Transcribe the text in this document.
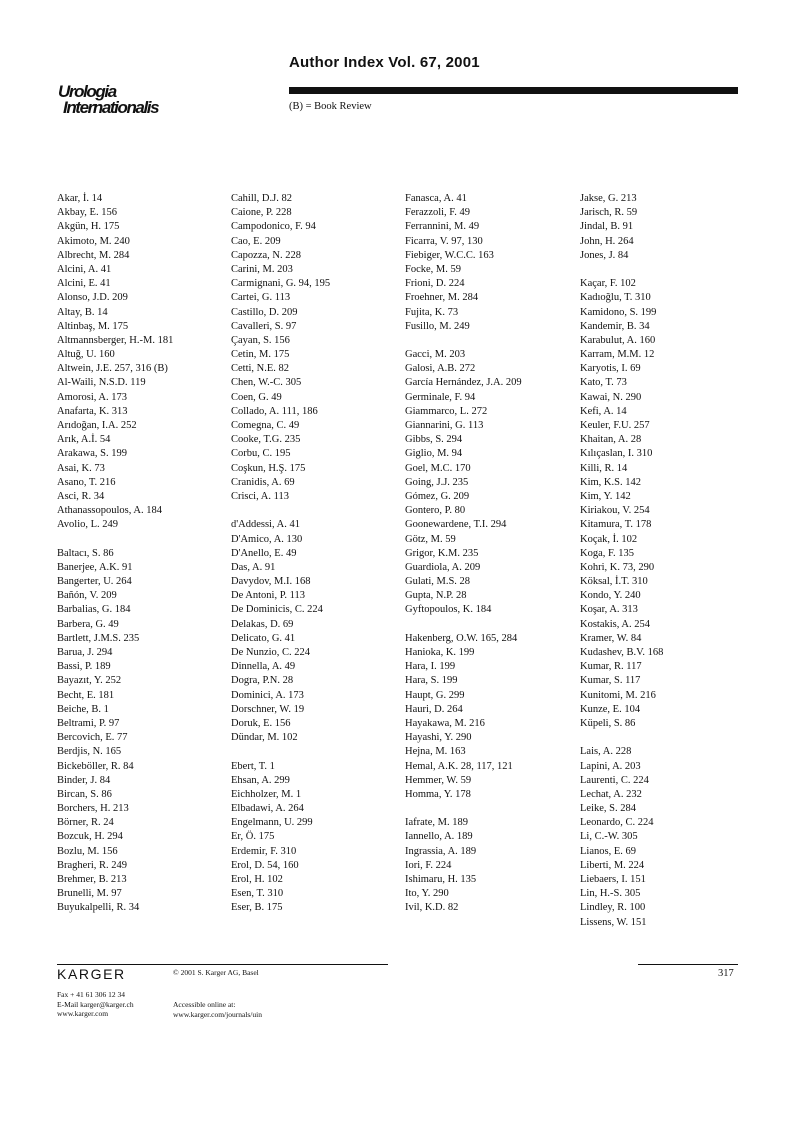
Urologia
Internationalis
Author Index Vol. 67, 2001
(B) = Book Review
Akar, İ. 14
Akbay, E. 156
Akgün, H. 175
Akimoto, M. 240
Albrecht, M. 284
Alcini, A. 41
Alcini, E. 41
Alonso, J.D. 209
Altay, B. 14
Altinbaş, M. 175
Altmannsberger, H.-M. 181
Altuğ, U. 160
Altwein, J.E. 257, 316 (B)
Al-Waili, N.S.D. 119
Amorosi, A. 173
Anafarta, K. 313
Arıdoğan, I.A. 252
Arık, A.İ. 54
Arakawa, S. 199
Asai, K. 73
Asano, T. 216
Asci, R. 34
Athanassopoulos, A. 184
Avolio, L. 249
Baltacı, S. 86
Banerjee, A.K. 91
Bangerter, U. 264
Bañón, V. 209
Barbalias, G. 184
Barbera, G. 49
Bartlett, J.M.S. 235
Barua, J. 294
Bassi, P. 189
Bayazıt, Y. 252
Becht, E. 181
Beiche, B. 1
Beltrami, P. 97
Bercovich, E. 77
Berdjis, N. 165
Bickeböller, R. 84
Binder, J. 84
Bircan, S. 86
Borchers, H. 213
Börner, R. 24
Bozcuk, H. 294
Bozlu, M. 156
Bragheri, R. 249
Brehmer, B. 213
Brunelli, M. 97
Buyukalpelli, R. 34
Cahill, D.J. 82
Caione, P. 228
Campodonico, F. 94
Cao, E. 209
Capozza, N. 228
Carini, M. 203
Carmignani, G. 94, 195
Cartei, G. 113
Castillo, D. 209
Cavalleri, S. 97
Çayan, S. 156
Cetin, M. 175
Cetti, N.E. 82
Chen, W.-C. 305
Coen, G. 49
Collado, A. 111, 186
Comegna, C. 49
Cooke, T.G. 235
Corbu, C. 195
Coşkun, H.Ş. 175
Cranidis, A. 69
Crisci, A. 113
d'Addessi, A. 41
D'Amico, A. 130
D'Anello, E. 49
Das, A. 91
Davydov, M.I. 168
De Antoni, P. 113
De Dominicis, C. 224
Delakas, D. 69
Delicato, G. 41
De Nunzio, C. 224
Dinnella, A. 49
Dogra, P.N. 28
Dominici, A. 173
Dorschner, W. 19
Doruk, E. 156
Dündar, M. 102
Ebert, T. 1
Ehsan, A. 299
Eichholzer, M. 1
Elbadawi, A. 264
Engelmann, U. 299
Er, Ö. 175
Erdemir, F. 310
Erol, D. 54, 160
Erol, H. 102
Esen, T. 310
Eser, B. 175
Fanasca, A. 41
Ferazzoli, F. 49
Ferrannini, M. 49
Ficarra, V. 97, 130
Fiebiger, W.C.C. 163
Focke, M. 59
Frioni, D. 224
Froehner, M. 284
Fujita, K. 73
Fusillo, M. 249
Gacci, M. 203
Galosi, A.B. 272
García Hernández, J.A. 209
Germinale, F. 94
Giammarco, L. 272
Giannarini, G. 113
Gibbs, S. 294
Giglio, M. 94
Goel, M.C. 170
Going, J.J. 235
Gómez, G. 209
Gontero, P. 80
Goonewardene, T.I. 294
Götz, M. 59
Grigor, K.M. 235
Guardiola, A. 209
Gulati, M.S. 28
Gupta, N.P. 28
Gyftopoulos, K. 184
Hakenberg, O.W. 165, 284
Hanioka, K. 199
Hara, I. 199
Hara, S. 199
Haupt, G. 299
Hauri, D. 264
Hayakawa, M. 216
Hayashi, Y. 290
Hejna, M. 163
Hemal, A.K. 28, 117, 121
Hemmer, W. 59
Homma, Y. 178
Iafrate, M. 189
Iannello, A. 189
Ingrassia, A. 189
Iori, F. 224
Ishimaru, H. 135
Ito, Y. 290
Ivil, K.D. 82
Jakse, G. 213
Jarisch, R. 59
Jindal, B. 91
John, H. 264
Jones, J. 84
Kaçar, F. 102
Kadıoğlu, T. 310
Kamidono, S. 199
Kandemir, B. 34
Karabulut, A. 160
Karram, M.M. 12
Karyotis, I. 69
Kato, T. 73
Kawai, N. 290
Kefi, A. 14
Keuler, F.U. 257
Khaitan, A. 28
Kılıçaslan, I. 310
Killi, R. 14
Kim, K.S. 142
Kim, Y. 142
Kiriakou, V. 254
Kitamura, T. 178
Koçak, İ. 102
Koga, F. 135
Kohri, K. 73, 290
Köksal, İ.T. 310
Kondo, Y. 240
Koşar, A. 313
Kostakis, A. 254
Kramer, W. 84
Kudashev, B.V. 168
Kumar, R. 117
Kumar, S. 117
Kunitomi, M. 216
Kunze, E. 104
Küpeli, S. 86
Lais, A. 228
Lapini, A. 203
Laurenti, C. 224
Lechat, A. 232
Leike, S. 284
Leonardo, C. 224
Li, C.-W. 305
Lianos, E. 69
Liberti, M. 224
Liebaers, I. 151
Lin, H.-S. 305
Lindley, R. 100
Lissens, W. 151
KARGER	© 2001 S. Karger AG, Basel
Fax + 41 61 306 12 34
E-Mail karger@karger.ch
www.karger.com
Accessible online at:
www.karger.com/journals/uin
317
